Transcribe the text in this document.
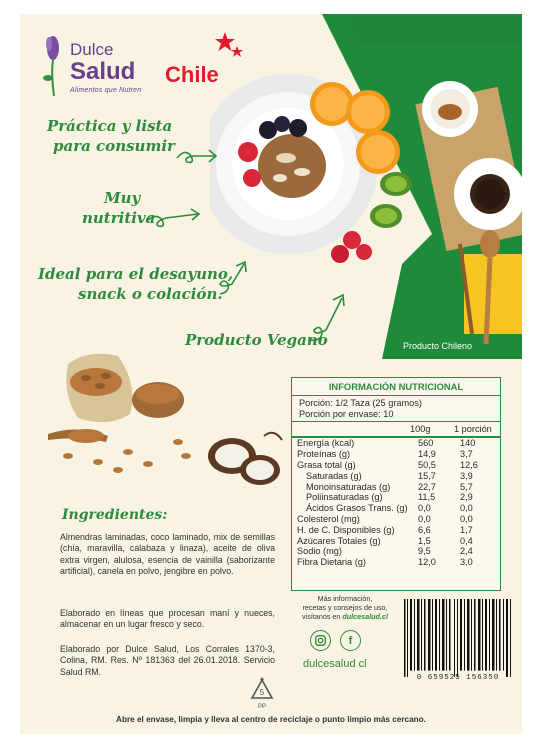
Dulce
Salud
Alimentos que Nutren
Chile
Producto Chileno
Práctica y lista
para consumir
Muy
nutritiva
Ideal para el desayuno,
snack o colación.
Producto Vegano
INFORMACIÓN NUTRICIONAL
Porción: 1/2 Taza (25 gramos)
Porción por envase: 10
100g	1 porción
Energía (kcal)	560	140
Proteínas (g)	14,9	3,7
Grasa total (g)	50,5	12,6
Saturadas (g)	15,7	3,9
Monoinsaturadas (g)	22,7	5,7
Poliinsaturadas (g)	11,5	2,9
Ácidos Grasos Trans. (g)	0,0	0,0
Colesterol (mg)	0,0	0,0
H. de C. Disponibles (g)	6,6	1,7
Azúcares Totales (g)	1,5	0,4
Sodio (mg)	9,5	2,4
Fibra Dietaria (g)	12,0	3,0
Ingredientes:
Almendras laminadas, coco laminado, mix de semillas (chía, maravilla, calabaza y linaza), aceite de oliva extra virgen, alulosa, esencia de vainilla (saborizante artificial), canela en polvo, jengibre en polvo.
Elaborado en líneas que procesan maní y nueces, almacenar en un lugar fresco y seco.
Elaborado por Dulce Salud, Los Corrales 1370-3, Colina, RM. Res. Nº 181363 del 26.01.2018. Servicio Salud RM.
Más información,
recetas y consejos de uso,
visítanos en dulcesalud.cl
f
dulcesalud cl
0 659525 156350
5
PP
Abre el envase, limpia y lleva al centro de reciclaje o punto limpio más cercano.
